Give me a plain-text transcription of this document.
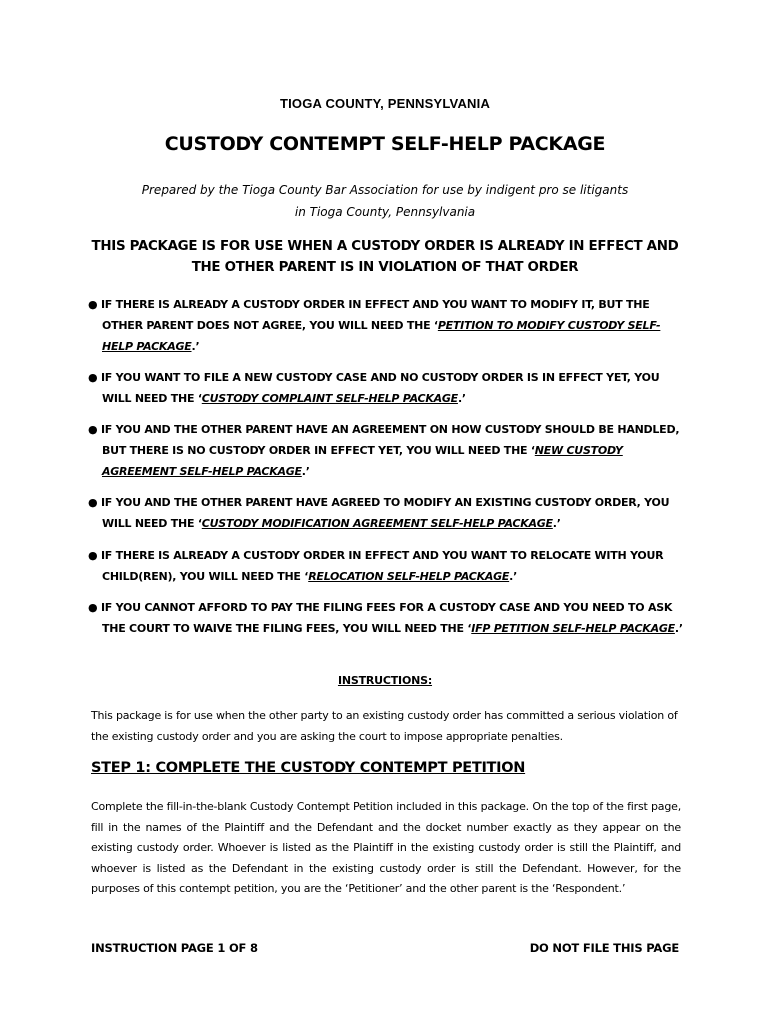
TIOGA COUNTY, PENNSYLVANIA
CUSTODY CONTEMPT SELF-HELP PACKAGE
Prepared by the Tioga County Bar Association for use by indigent pro se litigants
in Tioga County, Pennsylvania
THIS PACKAGE IS FOR USE WHEN A CUSTODY ORDER IS ALREADY IN EFFECT AND
THE OTHER PARENT IS IN VIOLATION OF THAT ORDER
● IF THERE IS ALREADY A CUSTODY ORDER IN EFFECT AND YOU WANT TO MODIFY IT, BUT THE OTHER PARENT DOES NOT AGREE, YOU WILL NEED THE ‘PETITION TO MODIFY CUSTODY SELF-HELP PACKAGE.’
● IF YOU WANT TO FILE A NEW CUSTODY CASE AND NO CUSTODY ORDER IS IN EFFECT YET, YOU WILL NEED THE ‘CUSTODY COMPLAINT SELF-HELP PACKAGE.’
● IF YOU AND THE OTHER PARENT HAVE AN AGREEMENT ON HOW CUSTODY SHOULD BE HANDLED, BUT THERE IS NO CUSTODY ORDER IN EFFECT YET, YOU WILL NEED THE ‘NEW CUSTODY AGREEMENT SELF-HELP PACKAGE.’
● IF YOU AND THE OTHER PARENT HAVE AGREED TO MODIFY AN EXISTING CUSTODY ORDER, YOU WILL NEED THE ‘CUSTODY MODIFICATION AGREEMENT SELF-HELP PACKAGE.’
● IF THERE IS ALREADY A CUSTODY ORDER IN EFFECT AND YOU WANT TO RELOCATE WITH YOUR CHILD(REN), YOU WILL NEED THE ‘RELOCATION SELF-HELP PACKAGE.’
● IF YOU CANNOT AFFORD TO PAY THE FILING FEES FOR A CUSTODY CASE AND YOU NEED TO ASK THE COURT TO WAIVE THE FILING FEES, YOU WILL NEED THE ‘IFP PETITION SELF-HELP PACKAGE.’
INSTRUCTIONS:
This package is for use when the other party to an existing custody order has committed a serious violation of the existing custody order and you are asking the court to impose appropriate penalties.
STEP 1: COMPLETE THE CUSTODY CONTEMPT PETITION
Complete the fill-in-the-blank Custody Contempt Petition included in this package. On the top of the first page, fill in the names of the Plaintiff and the Defendant and the docket number exactly as they appear on the existing custody order. Whoever is listed as the Plaintiff in the existing custody order is still the Plaintiff, and whoever is listed as the Defendant in the existing custody order is still the Defendant. However, for the purposes of this contempt petition, you are the ‘Petitioner’ and the other parent is the ‘Respondent.’
INSTRUCTION PAGE 1 OF 8	DO NOT FILE THIS PAGE
